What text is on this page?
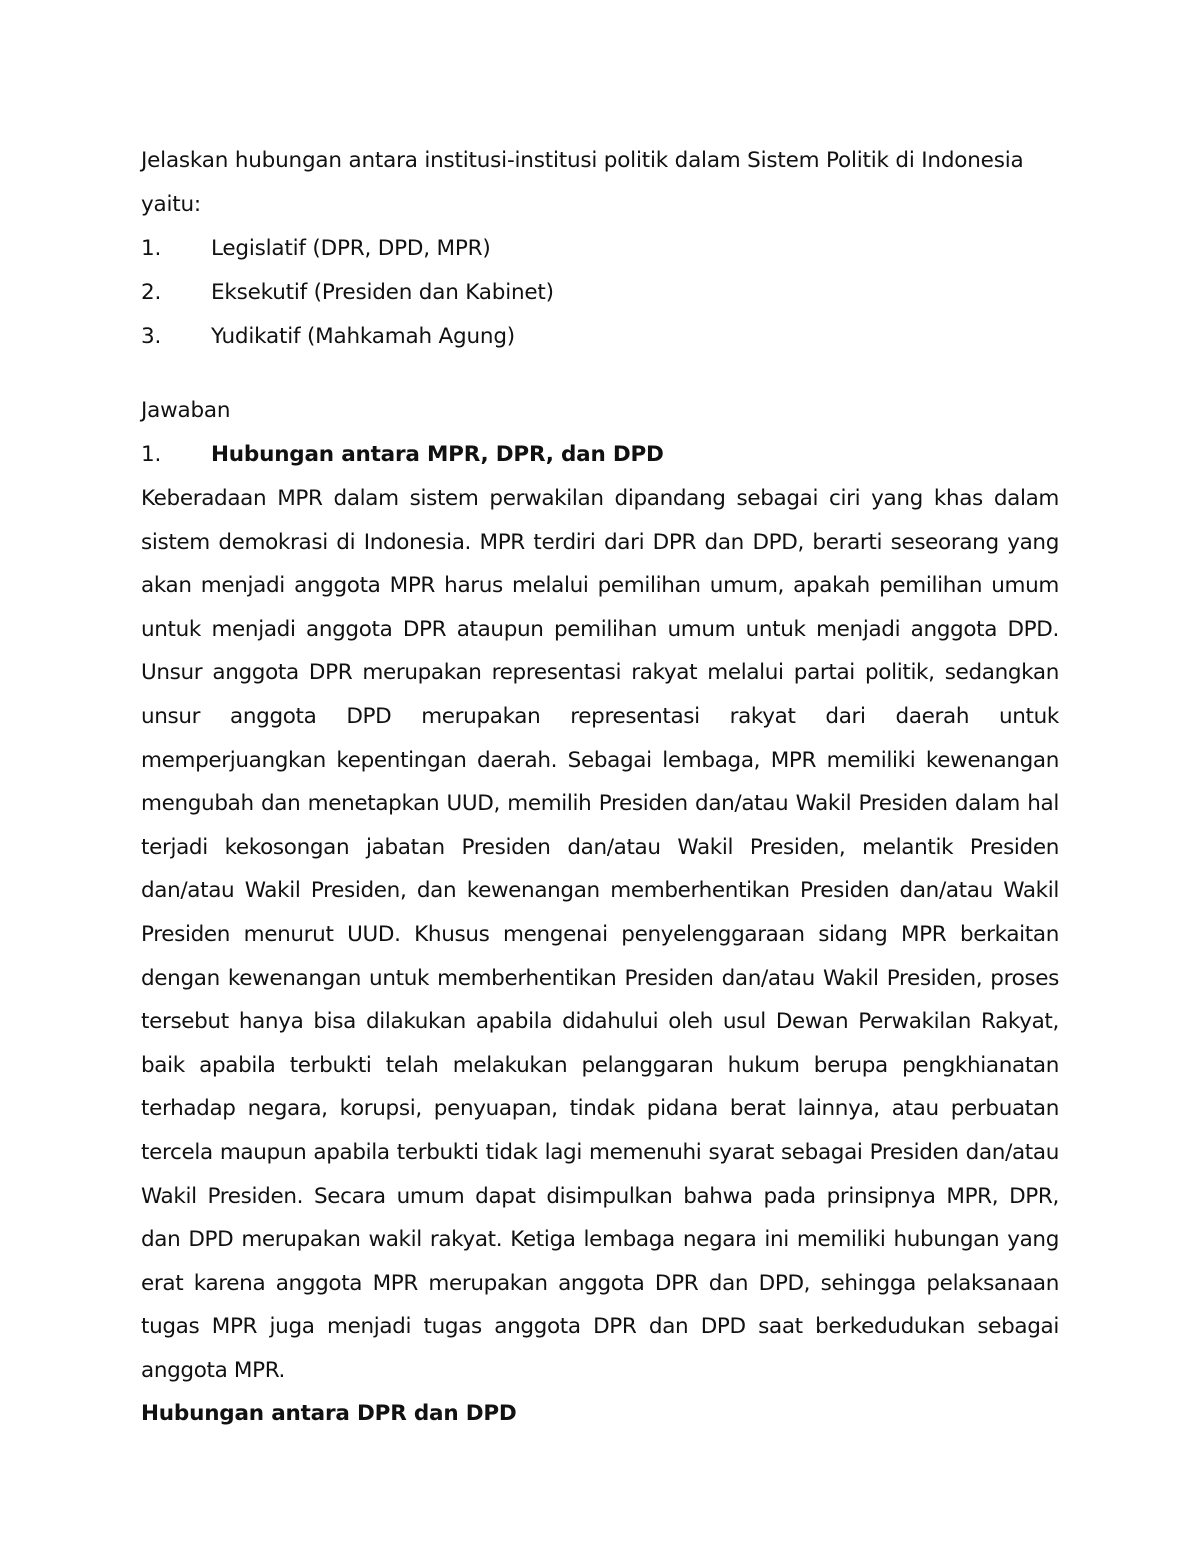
Jelaskan hubungan antara institusi-institusi politik dalam Sistem Politik di Indonesia

yaitu:

1.	Legislatif (DPR, DPD, MPR)
2.	Eksekutif (Presiden dan Kabinet)
3.	Yudikatif (Mahkamah Agung)

Jawaban

1.	Hubungan antara MPR, DPR, dan DPD

Keberadaan MPR dalam sistem perwakilan dipandang sebagai ciri yang khas dalam sistem demokrasi di Indonesia. MPR terdiri dari DPR dan DPD, berarti seseorang yang akan menjadi anggota MPR harus melalui pemilihan umum, apakah pemilihan umum untuk menjadi anggota DPR ataupun pemilihan umum untuk menjadi anggota DPD. Unsur anggota DPR merupakan representasi rakyat melalui partai politik, sedangkan unsur anggota DPD merupakan representasi rakyat dari daerah untuk memperjuangkan kepentingan daerah. Sebagai lembaga, MPR memiliki kewenangan mengubah dan menetapkan UUD, memilih Presiden dan/atau Wakil Presiden dalam hal terjadi kekosongan jabatan Presiden dan/atau Wakil Presiden, melantik Presiden dan/atau Wakil Presiden, dan kewenangan memberhentikan Presiden dan/atau Wakil Presiden menurut UUD. Khusus mengenai penyelenggaraan sidang MPR berkaitan dengan kewenangan untuk memberhentikan Presiden dan/atau Wakil Presiden, proses tersebut hanya bisa dilakukan apabila didahului oleh usul Dewan Perwakilan Rakyat, baik apabila terbukti telah melakukan pelanggaran hukum berupa pengkhianatan terhadap negara, korupsi, penyuapan, tindak pidana berat lainnya, atau perbuatan tercela maupun apabila terbukti tidak lagi memenuhi syarat sebagai Presiden dan/atau Wakil Presiden. Secara umum dapat disimpulkan bahwa pada prinsipnya MPR, DPR, dan DPD merupakan wakil rakyat. Ketiga lembaga negara ini memiliki hubungan yang erat karena anggota MPR merupakan anggota DPR dan DPD, sehingga pelaksanaan tugas MPR juga menjadi tugas anggota DPR dan DPD saat berkedudukan sebagai anggota MPR.

Hubungan antara DPR dan DPD
